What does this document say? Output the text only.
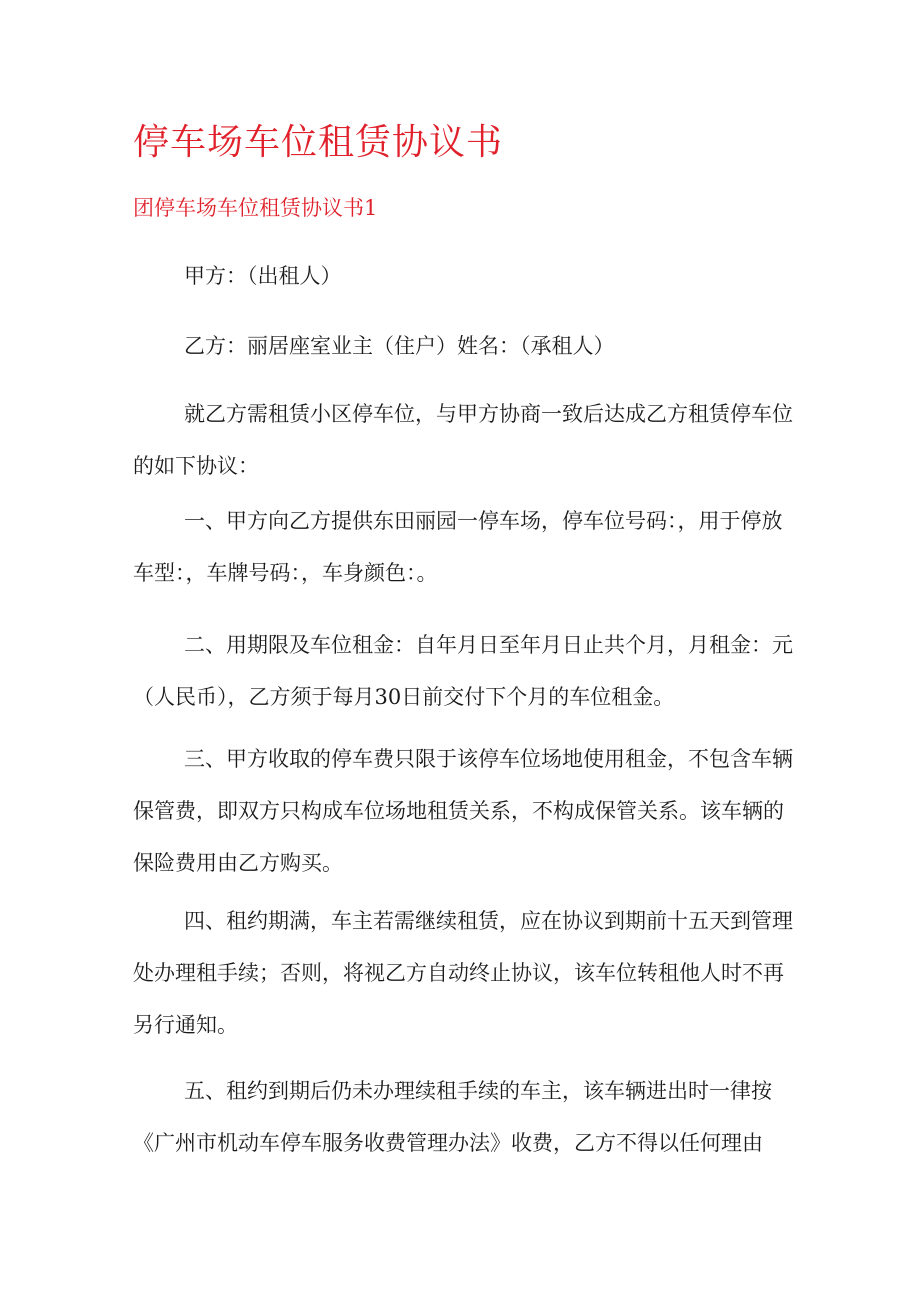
停车场车位租赁协议书
团停车场车位租赁协议书1

甲方：（出租人）

乙方：丽居座室业主（住户）姓名：（承租人）

就乙方需租赁小区停车位，与甲方协商一致后达成乙方租赁停车位的如下协议：

一、甲方向乙方提供东田丽园一停车场，停车位号码：，用于停放车型：，车牌号码：，车身颜色：。

二、用期限及车位租金：自年月日至年月日止共个月，月租金：元（人民币），乙方须于每月30日前交付下个月的车位租金。

三、甲方收取的停车费只限于该停车位场地使用租金，不包含车辆保管费，即双方只构成车位场地租赁关系，不构成保管关系。该车辆的保险费用由乙方购买。

四、租约期满，车主若需继续租赁，应在协议到期前十五天到管理处办理租手续；否则，将视乙方自动终止协议，该车位转租他人时不再另行通知。

五、租约到期后仍未办理续租手续的车主，该车辆进出时一律按《广州市机动车停车服务收费管理办法》收费，乙方不得以任何理由
